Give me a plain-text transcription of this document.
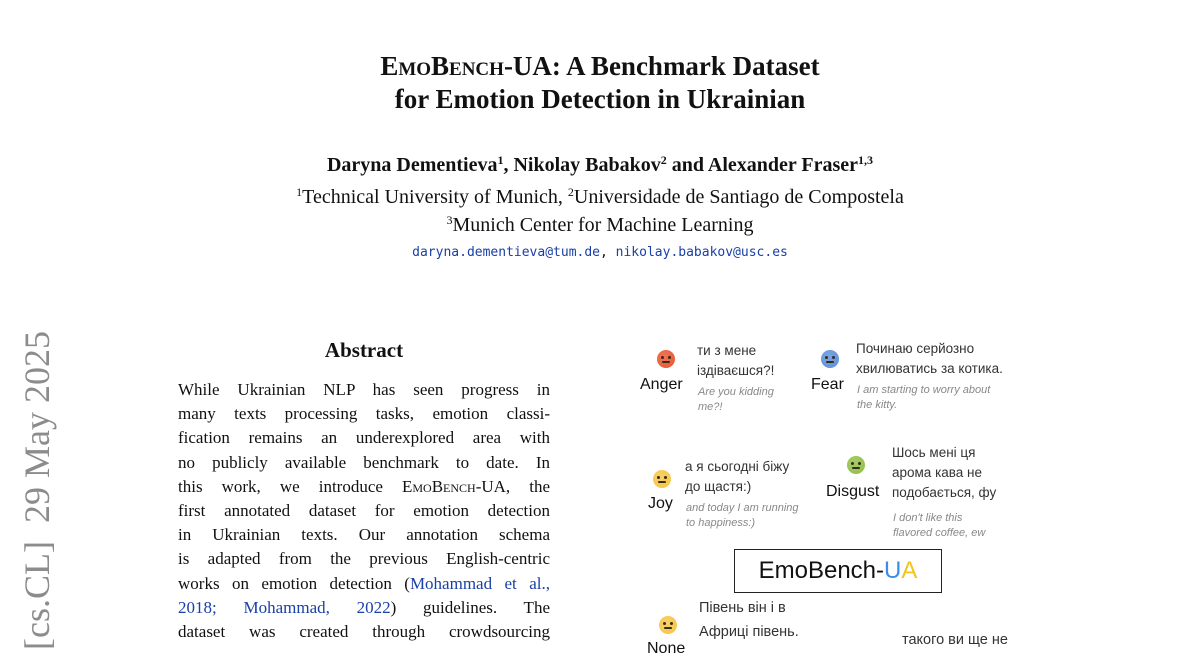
EmoBench-UA: A Benchmark Dataset
for Emotion Detection in Ukrainian
Daryna Dementieva$^1$, Nikolay Babakov$^2$ and Alexander Fraser$^{1,3}$
$^1$Technical University of Munich, $^2$Universidade de Santiago de Compostela
$^3$Munich Center for Machine Learning
daryna.dementieva@tum.de, nikolay.babakov@usc.es
[cs.CL]  29 May 2025	Abstract
While Ukrainian NLP has seen progress in
many texts processing tasks, emotion classi-
fication remains an underexplored area with
no publicly available benchmark to date. In
this work, we introduce EmoBench-UA, the
first annotated dataset for emotion detection
in Ukrainian texts. Our annotation schema
is adapted from the previous English-centric
works on emotion detection (Mohammad et al.,
2018; Mohammad, 2022) guidelines. The
dataset was created through crowdsourcing
Anger
ти з мене
іздіваєшся?!
Are you kidding
me?!
Fear
Починаю серйозно
хвилюватись за котика.
I am starting to worry about
the kitty.
Joy
а я сьогодні біжу
до щастя:)
and today I am running
to happiness:)
Disgust
Шось мені ця
арома кава не
подобається, фу
I don't like this
flavored coffee, ew
EmoBench-UA
None
Півень він і в
Африці півень.	такого ви ще не
